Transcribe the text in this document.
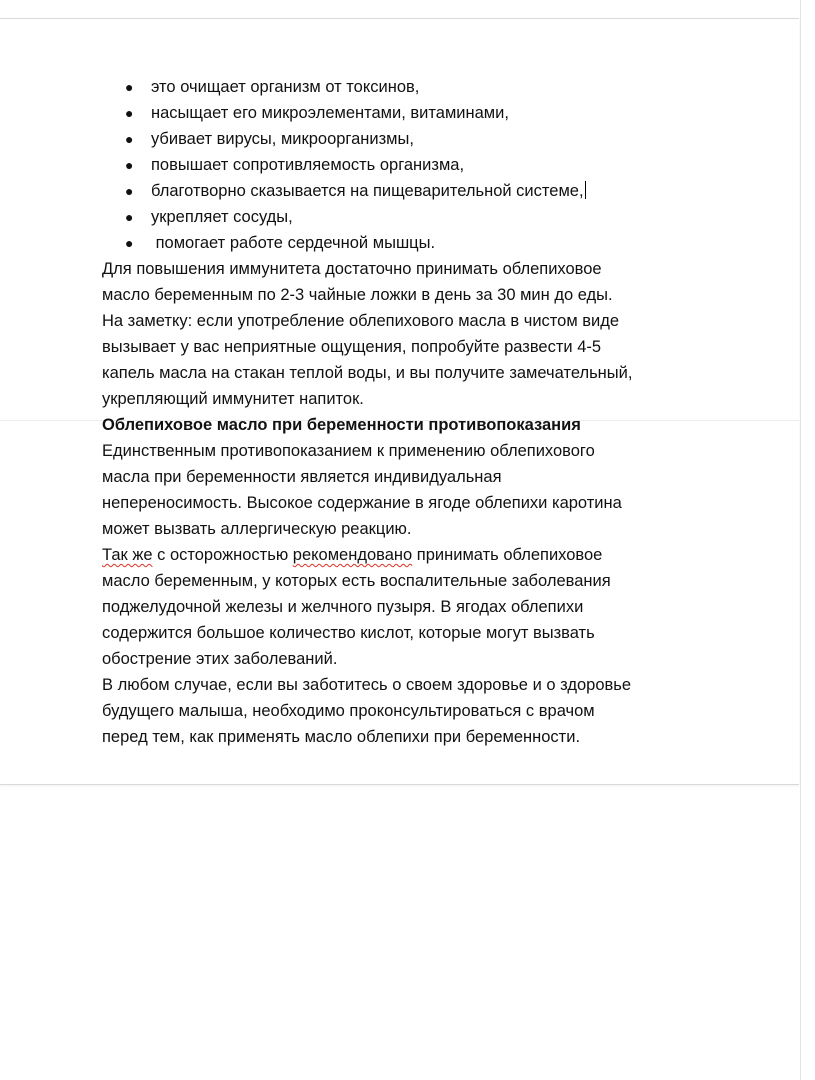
● это очищает организм от токсинов,
● насыщает его микроэлементами, витаминами,
● убивает вирусы, микроорганизмы,
● повышает сопротивляемость организма,
● благотворно сказывается на пищеварительной системе,
● укрепляет сосуды,
● помогает работе сердечной мышцы.

Для повышения иммунитета достаточно принимать облепиховое
масло беременным по 2-3 чайные ложки в день за 30 мин до еды.

На заметку: если употребление облепихового масла в чистом виде
вызывает у вас неприятные ощущения, попробуйте развести 4-5
капель масла на стакан теплой воды, и вы получите замечательный,
укрепляющий иммунитет напиток.

Облепиховое масло при беременности противопоказания

Единственным противопоказанием к применению облепихового
масла при беременности является индивидуальная
непереносимость. Высокое содержание в ягоде облепихи каротина
может вызвать аллергическую реакцию.

Так же с осторожностью рекомендовано принимать облепиховое
масло беременным, у которых есть воспалительные заболевания
поджелудочной железы и желчного пузыря. В ягодах облепихи
содержится большое количество кислот, которые могут вызвать
обострение этих заболеваний.

В любом случае, если вы заботитесь о своем здоровье и о здоровье
будущего малыша, необходимо проконсультироваться с врачом
перед тем, как применять масло облепихи при беременности.
